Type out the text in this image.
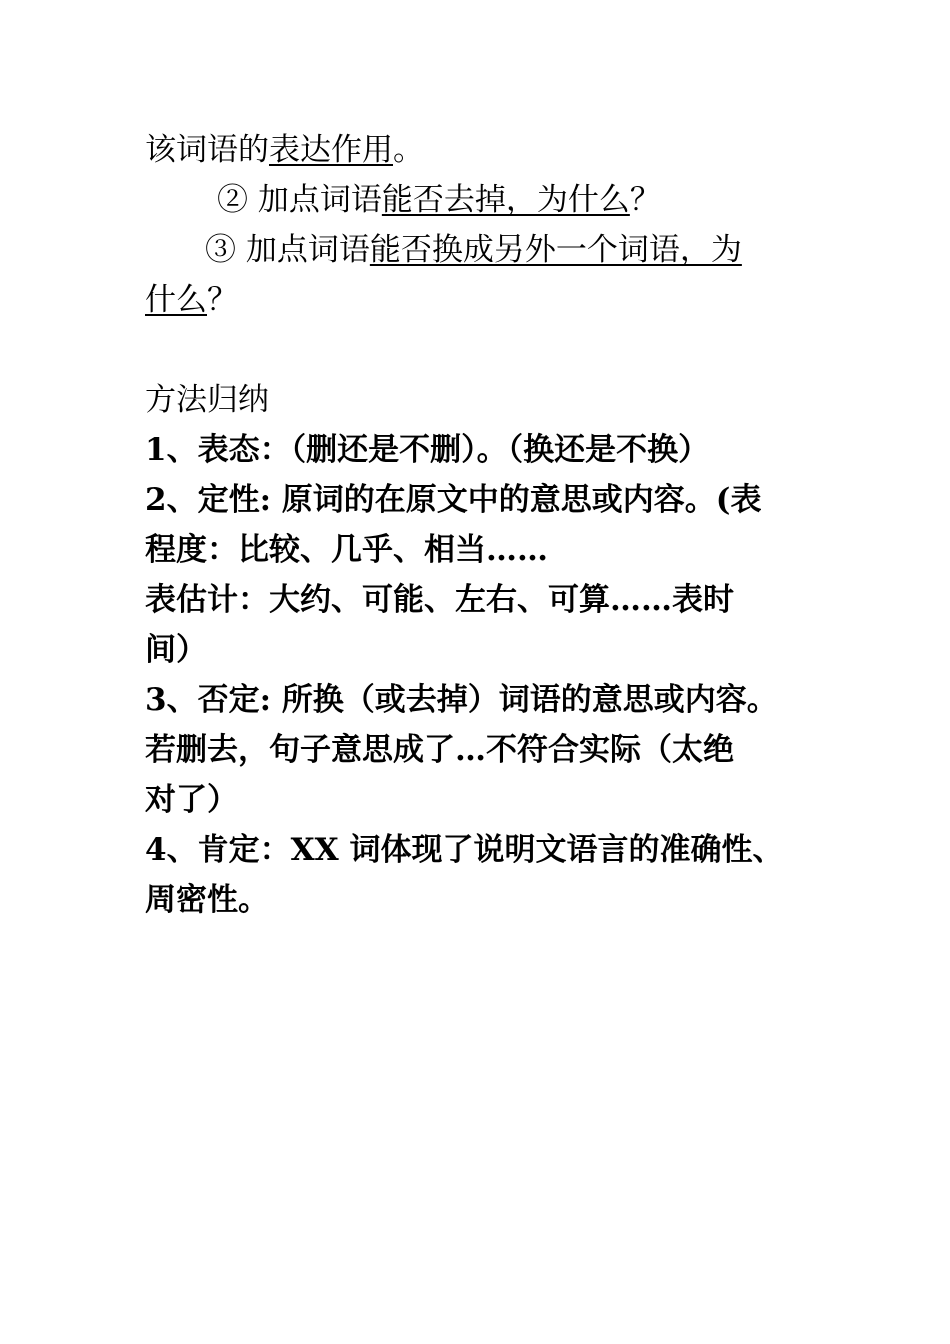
该词语的表达作用。
② 加点词语能否去掉，为什么？
③ 加点词语能否换成另外一个词语，为
什么？
方法归纳
1、表态：（删还是不删）。（换还是不换）
2、定性: 原词的在原文中的意思或内容。(表
程度：比较、几乎、相当……
表估计：大约、可能、左右、可算……表时
间）
3、否定: 所换（或去掉）词语的意思或内容。
若删去，句子意思成了…不符合实际（太绝
对了）
4、肯定：XX 词体现了说明文语言的准确性、
周密性。
